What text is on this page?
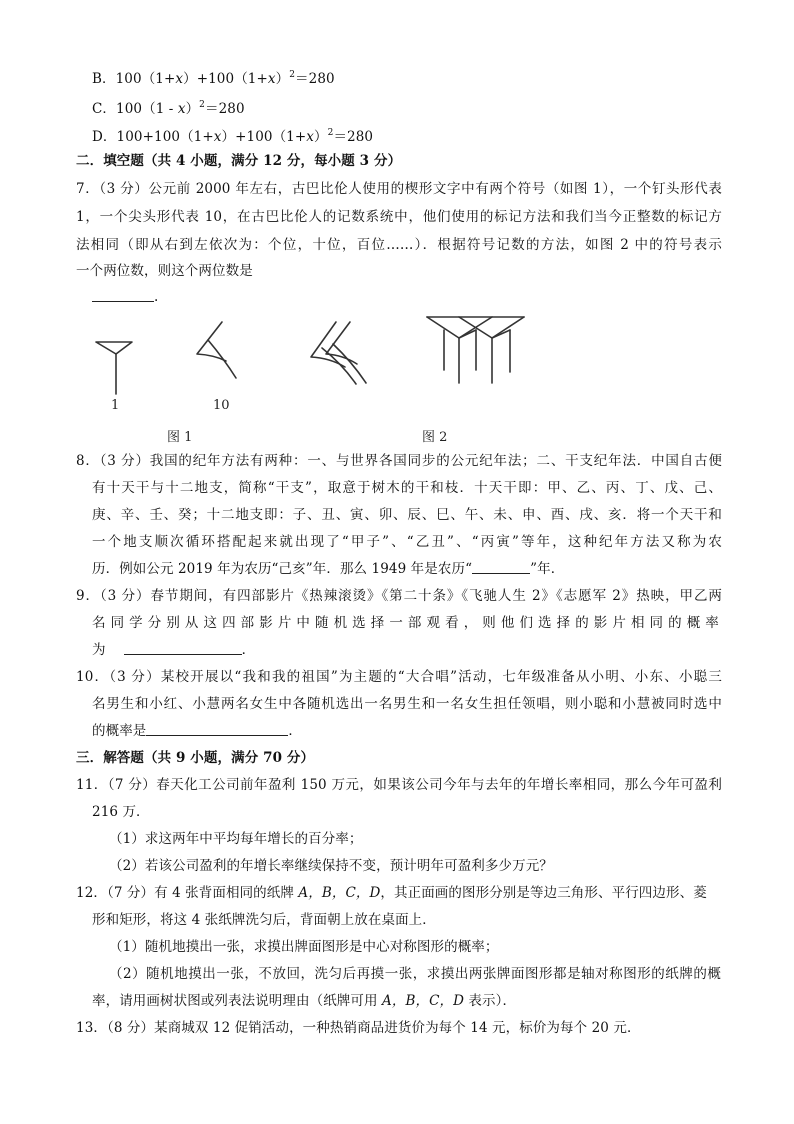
B．$100(1+x)+100(1+x)^2=280$
C．100（1 - x）$^2$＝280
D．$100+100(1+x)+100(1+x)^2=280$
二．填空题（共 4 小题，满分 12 分，每小题 3 分）
7．（3 分）公元前 2000 年左右，古巴比伦人使用的楔形文字中有两个符号（如图 1），一个钉头形代表
1，一个尖头形代表 10，在古巴比伦人的记数系统中，他们使用的标记方法和我们当今正整数的标记方
法相同（即从右到左依次为：个位，十位，百位……）．根据符号记数的方法，如图 2 中的符号表示
一个两位数，则这个两位数是
.
1	10
图 1	图 2
8．（3 分）我国的纪年方法有两种：一、与世界各国同步的公元纪年法；二、干支纪年法．中国自古便
有十天干与十二地支，简称“干支”，取意于树木的干和枝．十天干即：甲、乙、丙、丁、戊、己、
庚、辛、壬、癸；十二地支即：子、丑、寅、卯、辰、巳、午、未、申、酉、戌、亥．将一个天干和
一个地支顺次循环搭配起来就出现了“甲子”、“乙丑”、“丙寅”等年，这种纪年方法又称为农
历．例如公元 2019 年为农历“己亥”年．那么 1949 年是农历“	”年．
9．（3 分）春节期间，有四部影片《热辣滚烫》《第二十条》《飞驰人生 2》《志愿军 2》热映，甲乙两
名同学分别从这四部影片中随机选择一部观看，则他们选择的影片相同的概率
为	．
10．（3 分）某校开展以“我和我的祖国”为主题的“大合唱”活动，七年级准备从小明、小东、小聪三
名男生和小红、小慧两名女生中各随机选出一名男生和一名女生担任领唱，则小聪和小慧被同时选中
的概率是	．
三．解答题（共 9 小题，满分 70 分）
11．（7 分）春天化工公司前年盈利 150 万元，如果该公司今年与去年的年增长率相同，那么今年可盈利
216 万．
（1）求这两年中平均每年增长的百分率；
（2）若该公司盈利的年增长率继续保持不变，预计明年可盈利多少万元？
12．（7 分）有 4 张背面相同的纸牌 A，B，C，D，其正面画的图形分别是等边三角形、平行四边形、菱
形和矩形，将这 4 张纸牌洗匀后，背面朝上放在桌面上．
（1）随机地摸出一张，求摸出牌面图形是中心对称图形的概率；
（2）随机地摸出一张，不放回，洗匀后再摸一张，求摸出两张牌面图形都是轴对称图形的纸牌的概
率，请用画树状图或列表法说明理由（纸牌可用 A，B，C，D 表示）．
13．（8 分）某商城双 12 促销活动，一种热销商品进货价为每个 14 元，标价为每个 20 元．
